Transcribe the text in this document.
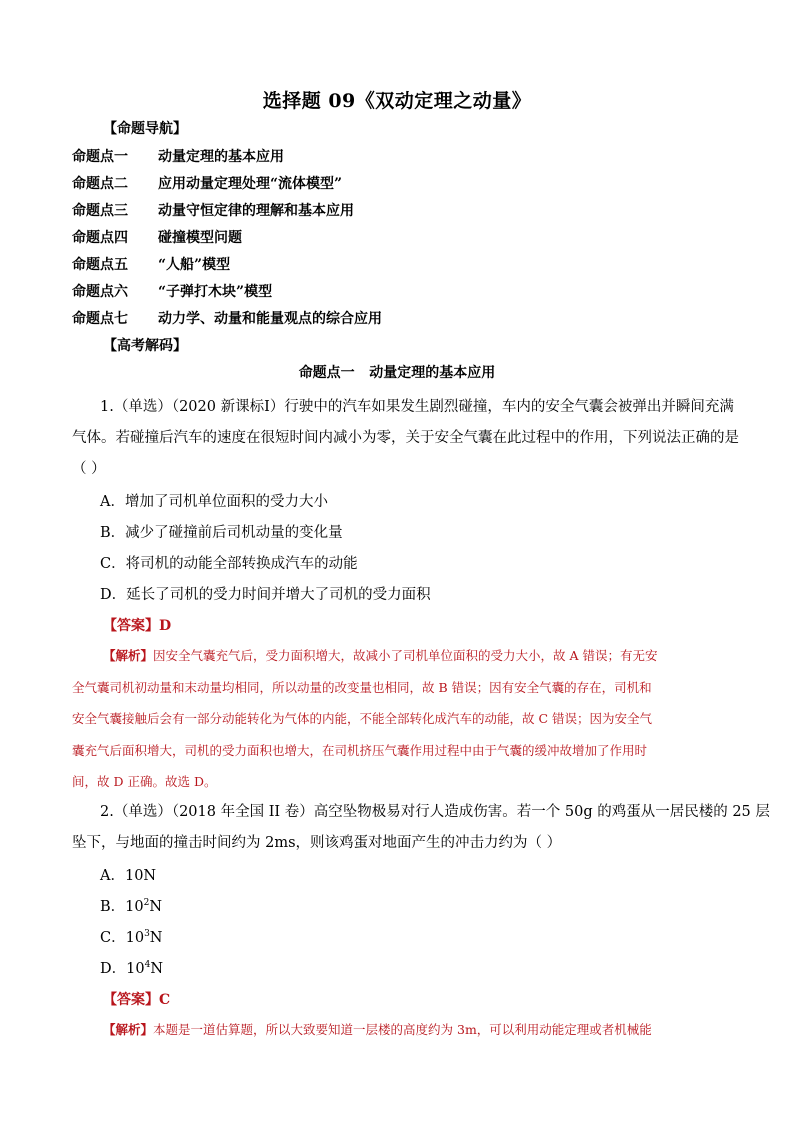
选择题 09《双动定理之动量》
【命题导航】
命题点一 动量定理的基本应用
命题点二 应用动量定理处理“流体模型”
命题点三 动量守恒定律的理解和基本应用
命题点四 碰撞模型问题
命题点五 “人船”模型
命题点六 “子弹打木块”模型
命题点七 动力学、动量和能量观点的综合应用
【高考解码】
命题点一   动量定理的基本应用
1.（单选）（2020 新课标Ⅰ）行驶中的汽车如果发生剧烈碰撞，车内的安全气囊会被弹出并瞬间充满
气体。若碰撞后汽车的速度在很短时间内减小为零，关于安全气囊在此过程中的作用，下列说法正确的是
（ ）
A．增加了司机单位面积的受力大小
B．减少了碰撞前后司机动量的变化量
C．将司机的动能全部转换成汽车的动能
D．延长了司机的受力时间并增大了司机的受力面积
【答案】D
【解析】因安全气囊充气后，受力面积增大，故减小了司机单位面积的受力大小，故 A 错误；有无安
全气囊司机初动量和末动量均相同，所以动量的改变量也相同，故 B 错误；因有安全气囊的存在，司机和
安全气囊接触后会有一部分动能转化为气体的内能，不能全部转化成汽车的动能，故 C 错误；因为安全气
囊充气后面积增大，司机的受力面积也增大，在司机挤压气囊作用过程中由于气囊的缓冲故增加了作用时
间，故 D 正确。故选 D。
2.（单选）（2018 年全国 II 卷）高空坠物极易对行人造成伤害。若一个 50g 的鸡蛋从一居民楼的 25 层
坠下，与地面的撞击时间约为 2ms，则该鸡蛋对地面产生的冲击力约为（ ）
A．10N
B．$10^2N$
C．$10^3N$
D．$10^4N$
【答案】C
【解析】本题是一道估算题，所以大致要知道一层楼的高度约为 3m，可以利用动能定理或者机械能
